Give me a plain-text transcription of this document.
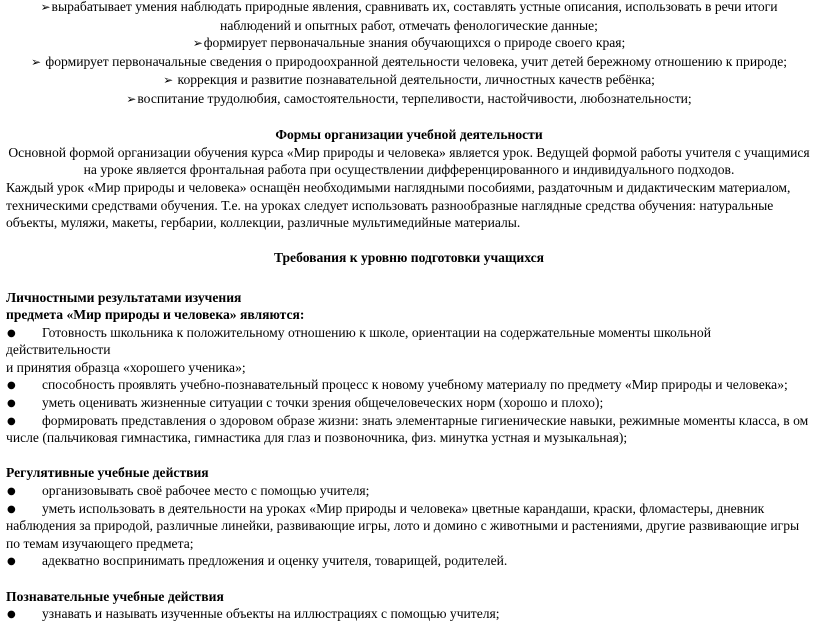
➢вырабатывает умения наблюдать природные явления, сравнивать их, составлять устные описания, использовать в речи итоги
наблюдений и опытных работ, отмечать фенологические данные;

➢формирует первоначальные знания обучающихся о природе своего края;

➢ формирует первоначальные сведения о природоохранной деятельности человека, учит детей бережному отношению к природе;

➢ коррекция и развитие познавательной деятельности, личностных качеств ребёнка;

➢воспитание трудолюбия, самостоятельности, терпеливости, настойчивости, любознательности;

Формы организации учебной деятельности

Основной формой организации обучения курса «Мир природы и человека» является урок. Ведущей формой работы учителя с учащимися
на уроке является фронтальная работа при осуществлении дифференцированного и индивидуального подходов.

Каждый урок «Мир природы и человека» оснащён необходимыми наглядными пособиями, раздаточным и дидактическим материалом, техническими средствами обучения. Т.е. на уроках следует использовать разнообразные наглядные средства обучения: натуральные объекты, муляжи, макеты, гербарии, коллекции, различные мультимедийные материалы.

Требования к уровню подготовки учащихся

Личностными результатами изучения

предмета «Мир природы и человека» являются:

● Готовность школьника к положительному отношению к школе, ориентации на содержательные моменты школьной действительности
и принятия образца «хорошего ученика»;

● способность проявлять учебно-познавательный процесс к новому учебному материалу по предмету «Мир природы и человека»;

● уметь оценивать жизненные ситуации с точки зрения общечеловеческих норм (хорошо и плохо);

● формировать представления о здоровом образе жизни: знать элементарные гигиенические навыки, режимные моменты класса, в ом
числе (пальчиковая гимнастика, гимнастика для глаз и позвоночника, физ. минутка устная и музыкальная);

Регулятивные учебные действия

● организовывать своё рабочее место с помощью учителя;

● уметь использовать в деятельности на уроках «Мир природы и человека» цветные карандаши, краски, фломастеры, дневник
наблюдения за природой, различные линейки, развивающие игры, лото и домино с животными и растениями, другие развивающие игры по темам изучающего предмета;

● адекватно воспринимать предложения и оценку учителя, товарищей, родителей.

Познавательные учебные действия

● узнавать и называть изученные объекты на иллюстрациях с помощью учителя;
